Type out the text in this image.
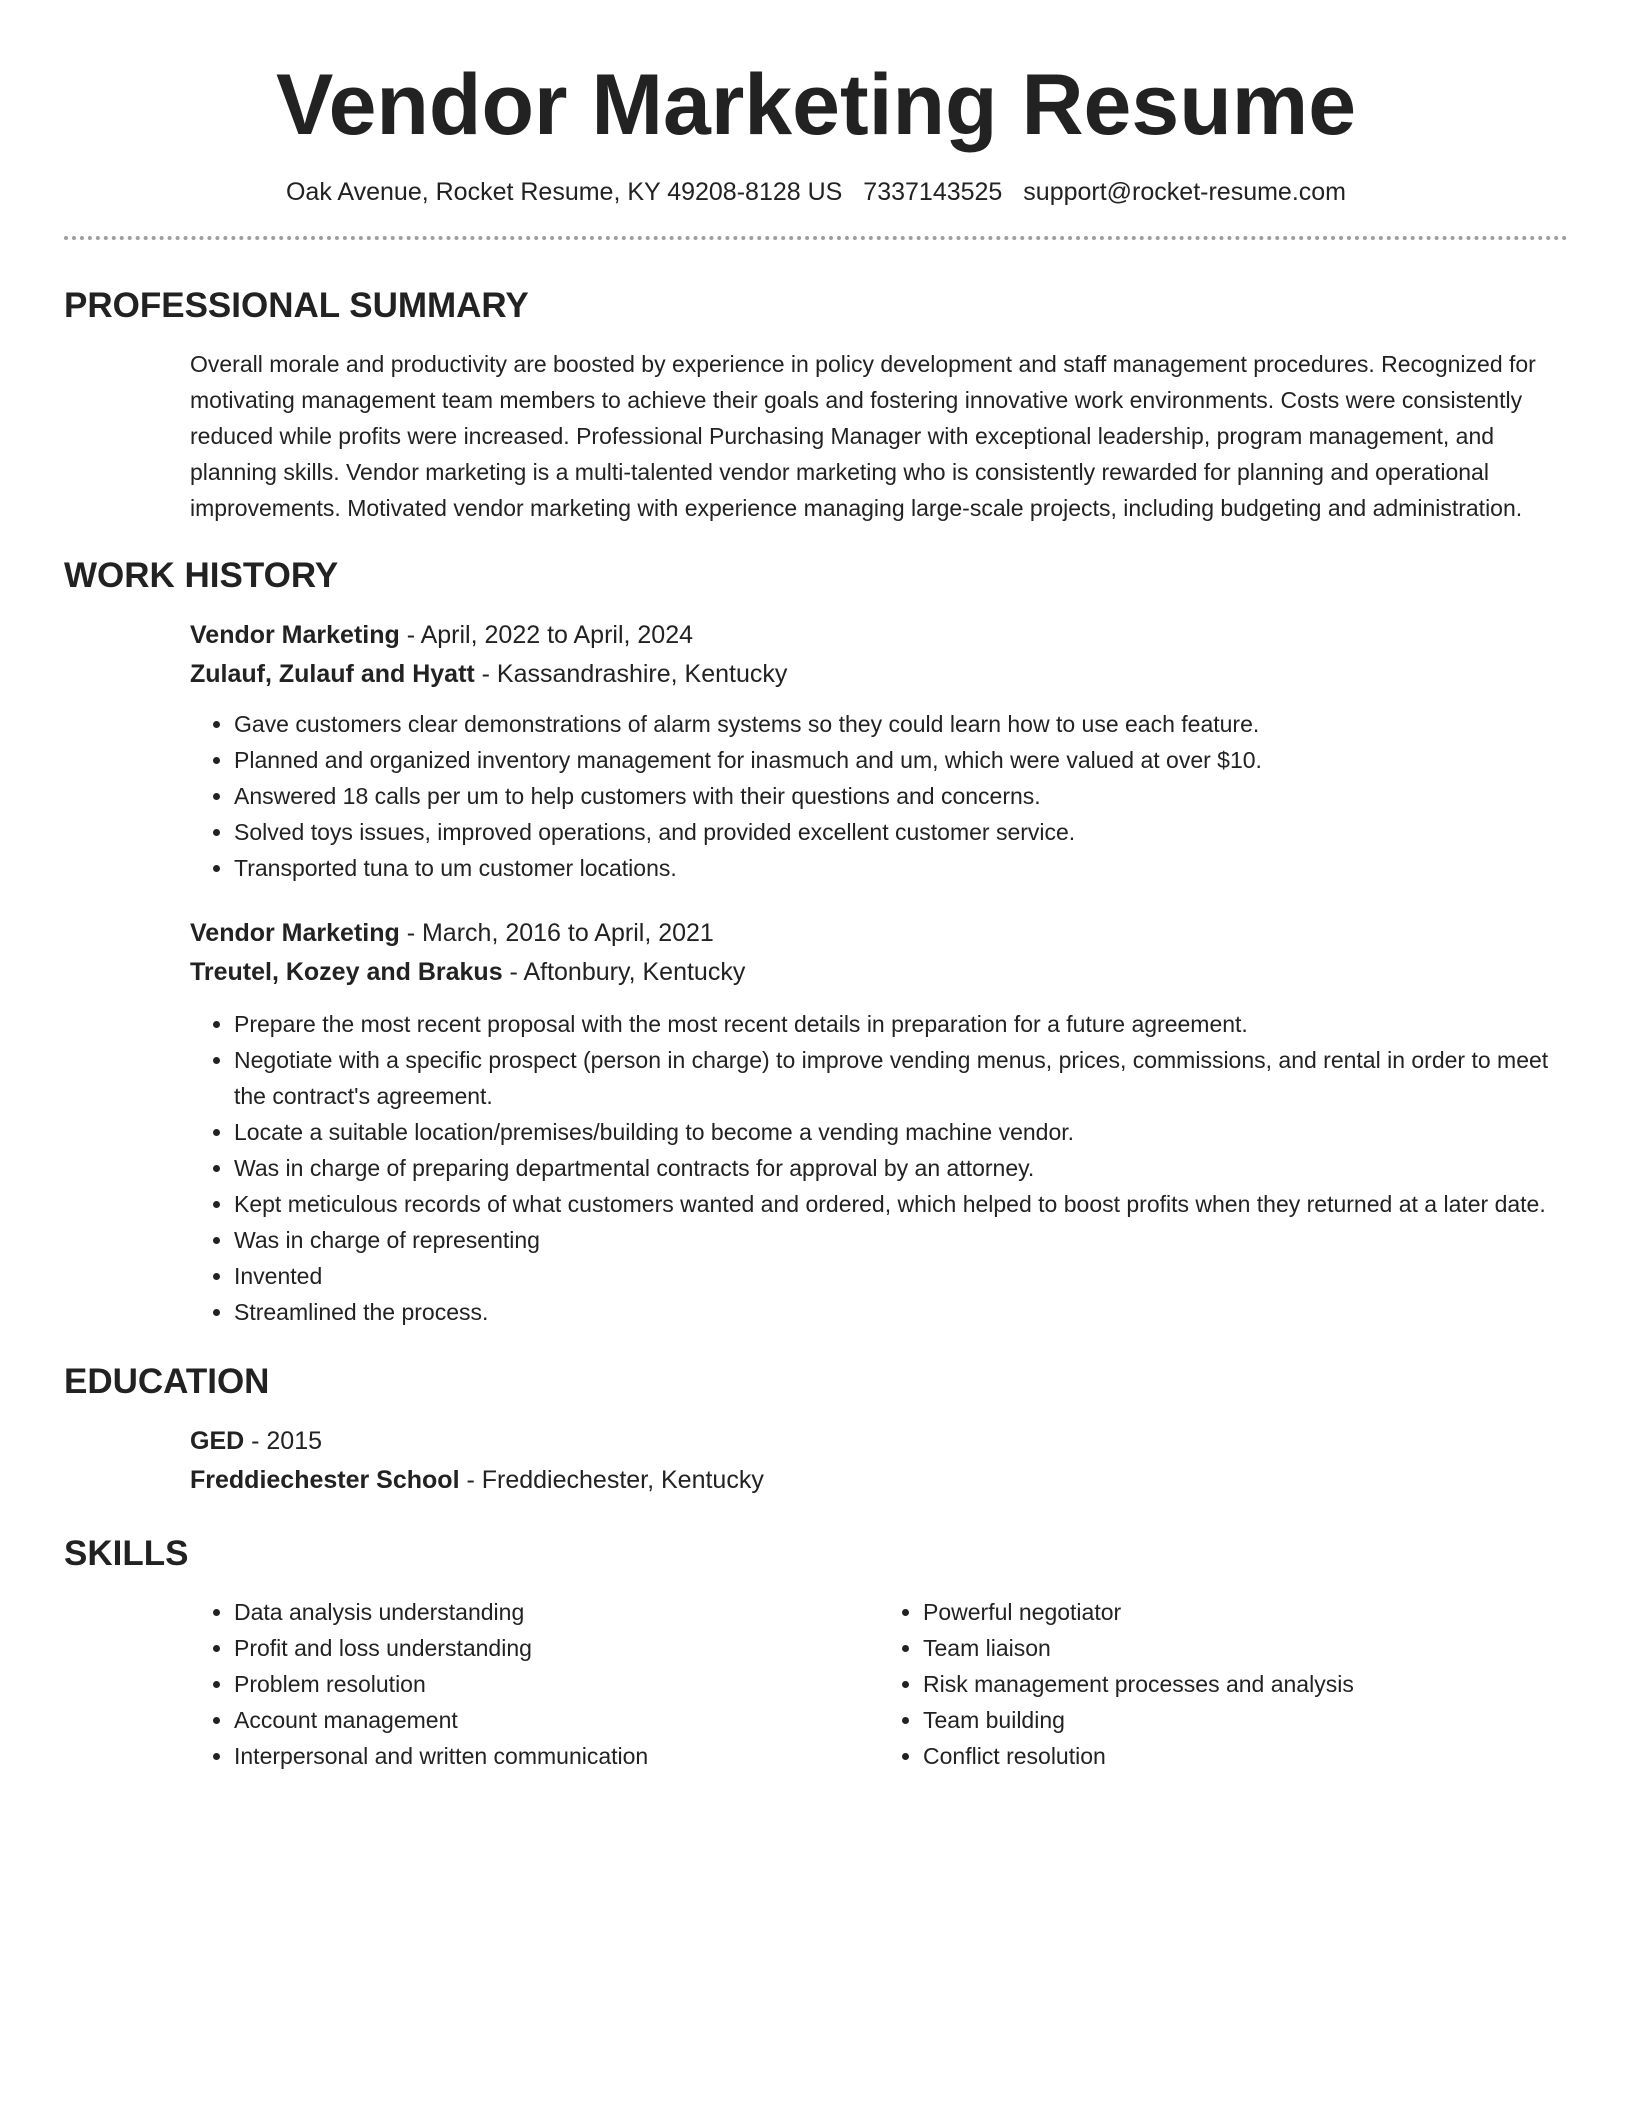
Vendor Marketing Resume
Oak Avenue, Rocket Resume, KY 49208-8128 US 7337143525 support@rocket-resume.com
PROFESSIONAL SUMMARY
Overall morale and productivity are boosted by experience in policy development and staff management procedures. Recognized for motivating management team members to achieve their goals and fostering innovative work environments. Costs were consistently reduced while profits were increased. Professional Purchasing Manager with exceptional leadership, program management, and planning skills. Vendor marketing is a multi-talented vendor marketing who is consistently rewarded for planning and operational improvements. Motivated vendor marketing with experience managing large-scale projects, including budgeting and administration.
WORK HISTORY
Vendor Marketing - April, 2022 to April, 2024
Zulauf, Zulauf and Hyatt - Kassandrashire, Kentucky
• Gave customers clear demonstrations of alarm systems so they could learn how to use each feature.
• Planned and organized inventory management for inasmuch and um, which were valued at over $10.
• Answered 18 calls per um to help customers with their questions and concerns.
• Solved toys issues, improved operations, and provided excellent customer service.
• Transported tuna to um customer locations.
Vendor Marketing - March, 2016 to April, 2021
Treutel, Kozey and Brakus - Aftonbury, Kentucky
• Prepare the most recent proposal with the most recent details in preparation for a future agreement.
• Negotiate with a specific prospect (person in charge) to improve vending menus, prices, commissions, and rental in order to meet the contract's agreement.
• Locate a suitable location/premises/building to become a vending machine vendor.
• Was in charge of preparing departmental contracts for approval by an attorney.
• Kept meticulous records of what customers wanted and ordered, which helped to boost profits when they returned at a later date.
• Was in charge of representing
• Invented
• Streamlined the process.
EDUCATION
GED - 2015
Freddiechester School - Freddiechester, Kentucky
SKILLS
• Data analysis understanding
• Profit and loss understanding
• Problem resolution
• Account management
• Interpersonal and written communication
• Powerful negotiator
• Team liaison
• Risk management processes and analysis
• Team building
• Conflict resolution
